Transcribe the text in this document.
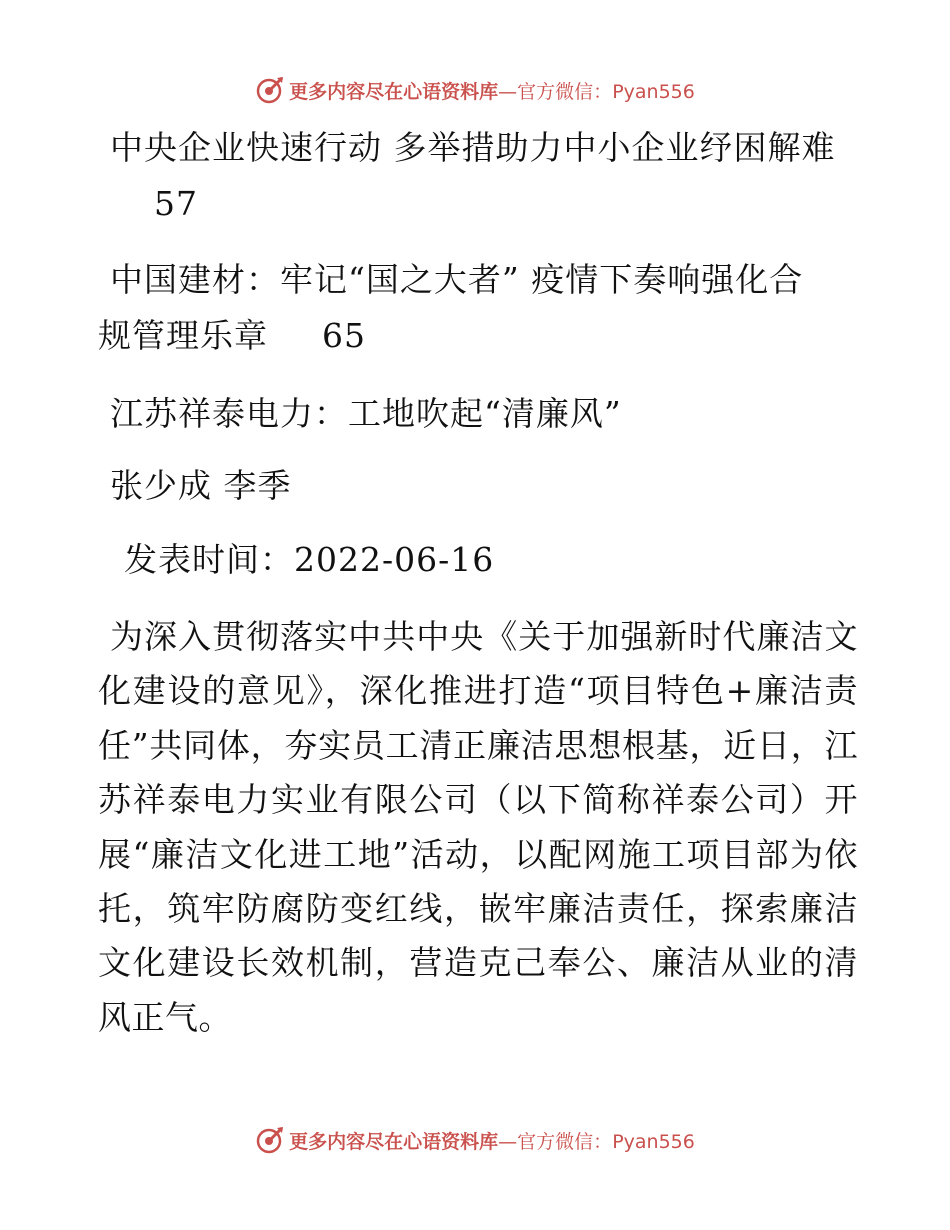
更多内容尽在心语资料库—官方微信：Pyan556
中央企业快速行动 多举措助力中小企业纾困解难
57
中国建材：牢记“国之大者” 疫情下奏响强化合
规管理乐章 65
江苏祥泰电力：工地吹起“清廉风”
张少成 李季
发表时间：2022-06-16
为深入贯彻落实中共中央《关于加强新时代廉洁文化建设的意见》，深化推进打造“项目特色+廉洁责任”共同体，夯实员工清正廉洁思想根基，近日，江苏祥泰电力实业有限公司（以下简称祥泰公司）开展“廉洁文化进工地”活动，以配网施工项目部为依托，筑牢防腐防变红线，嵌牢廉洁责任，探索廉洁文化建设长效机制，营造克己奉公、廉洁从业的清风正气。
更多内容尽在心语资料库—官方微信：Pyan556
